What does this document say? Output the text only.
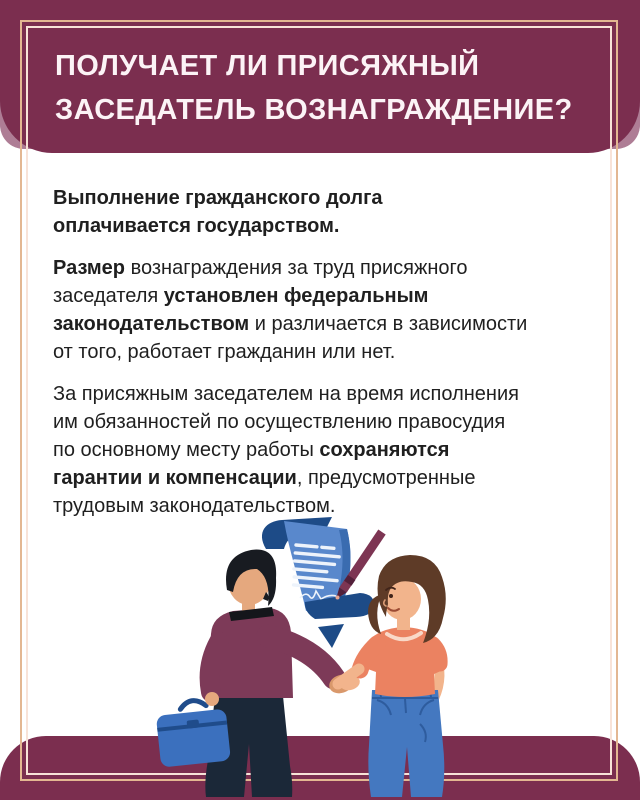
ПОЛУЧАЕТ ЛИ ПРИСЯЖНЫЙ
ЗАСЕДАТЕЛЬ ВОЗНАГРАЖДЕНИЕ?
Выполнение гражданского долга
оплачивается государством.
Размер вознаграждения за труд присяжного
заседателя установлен федеральным
законодательством и различается в зависимости
от того, работает гражданин или нет.
За присяжным заседателем на время исполнения
им обязанностей по осуществлению правосудия
по основному месту работы сохраняются
гарантии и компенсации, предусмотренные
трудовым законодательством.
